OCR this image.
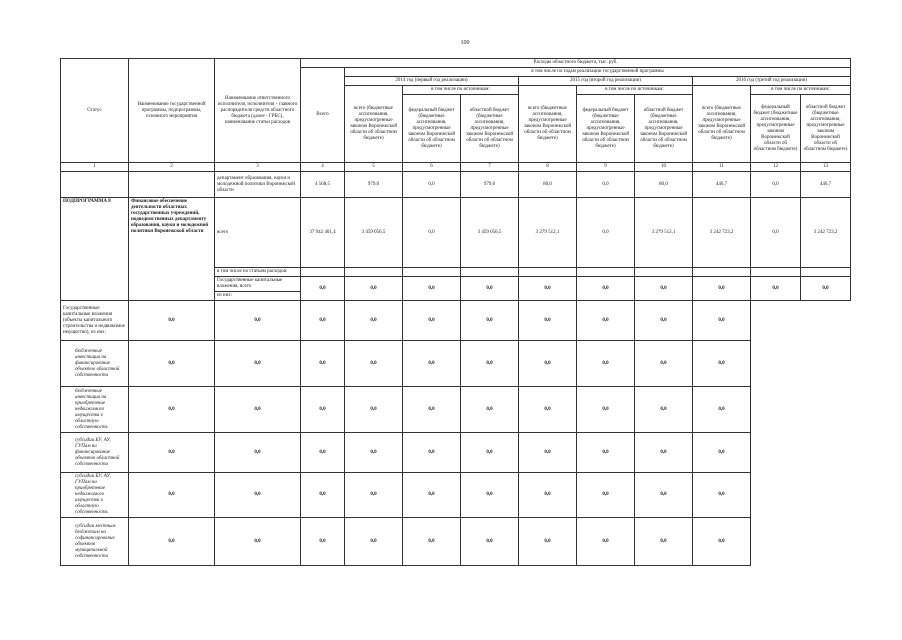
100
Статус	Наименование государственной программы, подпрограммы, основного мероприятия	Наименование ответственного исполнителя, исполнителя - главного распорядителя средств областного бюджета (далее - ГРБС), наименование статьи расходов	Расходы областного бюджета, тыс. руб.									
			Всего	в том числе по годам реализации государственной программы								
				2014 год (первый год реализации)			2015 год (второй год реализации)			2016 год (третий год реализации)		
				всего (бюджетные ассигнования, предусмотренные законом Воронежской области об областном бюджете)	в том числе по источникам:		всего (бюджетные ассигнования, предусмотренные законом Воронежской области об областном бюджете)	в том числе по источникам:		всего (бюджетные ассигнования, предусмотренные законом Воронежской области об областном бюджете)	в том числе по источникам:	
					федеральный бюджет (бюджетные ассигнования, предусмотренные законом Воронежской области об областном бюджете)	областной бюджет (бюджетные ассигнования, предусмотренные законом Воронежской области об областном бюджете)		федеральный бюджет (бюджетные ассигнования, предусмотренные законом Воронежской области об областном бюджете)	областной бюджет (бюджетные ассигнования, предусмотренные законом Воронежской области об областном бюджете)		федеральный бюджет (бюджетные ассигнования, предусмотренные законом Воронежской области об областном бюджете)	областной бюджет (бюджетные ассигнования, предусмотренные законом Воронежской области об областном бюджете)
1	2	3	4	5	6	7	8	9	10	11	12	13
		департамент образования, науки и молодежной политики Воронежской области	4 568,5	979,0	0,0	979,0	80,0	0,0	80,0	446,7	0,0	446,7
ПОДПРОГРАММА 8	Финансовое обеспечение деятельности областных государственных учреждений, подведомственных департаменту образования, науки и молодежной политики Воронежской области	всего	37 942 401,4	3 459 056,5	0,0	3 459 056,5	3 279 512,1	0,0	3 279 512,1	3 242 723,2	0,0	3 242 723,2
		в том числе по статьям расходов:										
		Государственные капитальные вложения, всего	0,0	0,0	0,0	0,0	0,0	0,0	0,0	0,0	0,0	0,0
		из них:										
Государственные капитальные вложения (объекты капитального строительства и недвижимое имущество), из них:	0,0	0,0	0,0	0,0	0,0	0,0	0,0	0,0	0,0	0,0		
бюджетные инвестиции на финансирование объектов областной собственности	0,0	0,0	0,0	0,0	0,0	0,0	0,0	0,0	0,0	0,0		
бюджетные инвестиции на приобретение недвижимого имущества в областную собственность	0,0	0,0	0,0	0,0	0,0	0,0	0,0	0,0	0,0	0,0		
субсидии БУ, АУ, ГУПам на финансирование объектов областной собственности	0,0	0,0	0,0	0,0	0,0	0,0	0,0	0,0	0,0	0,0		
субсидии БУ, АУ, ГУПам на приобретение недвижимого имущества в областную собственность	0,0	0,0	0,0	0,0	0,0	0,0	0,0	0,0	0,0	0,0		
субсидии местным бюджетам на софинансирование объектов муниципальной собственности	0,0	0,0	0,0	0,0	0,0	0,0	0,0	0,0	0,0	0,0		
